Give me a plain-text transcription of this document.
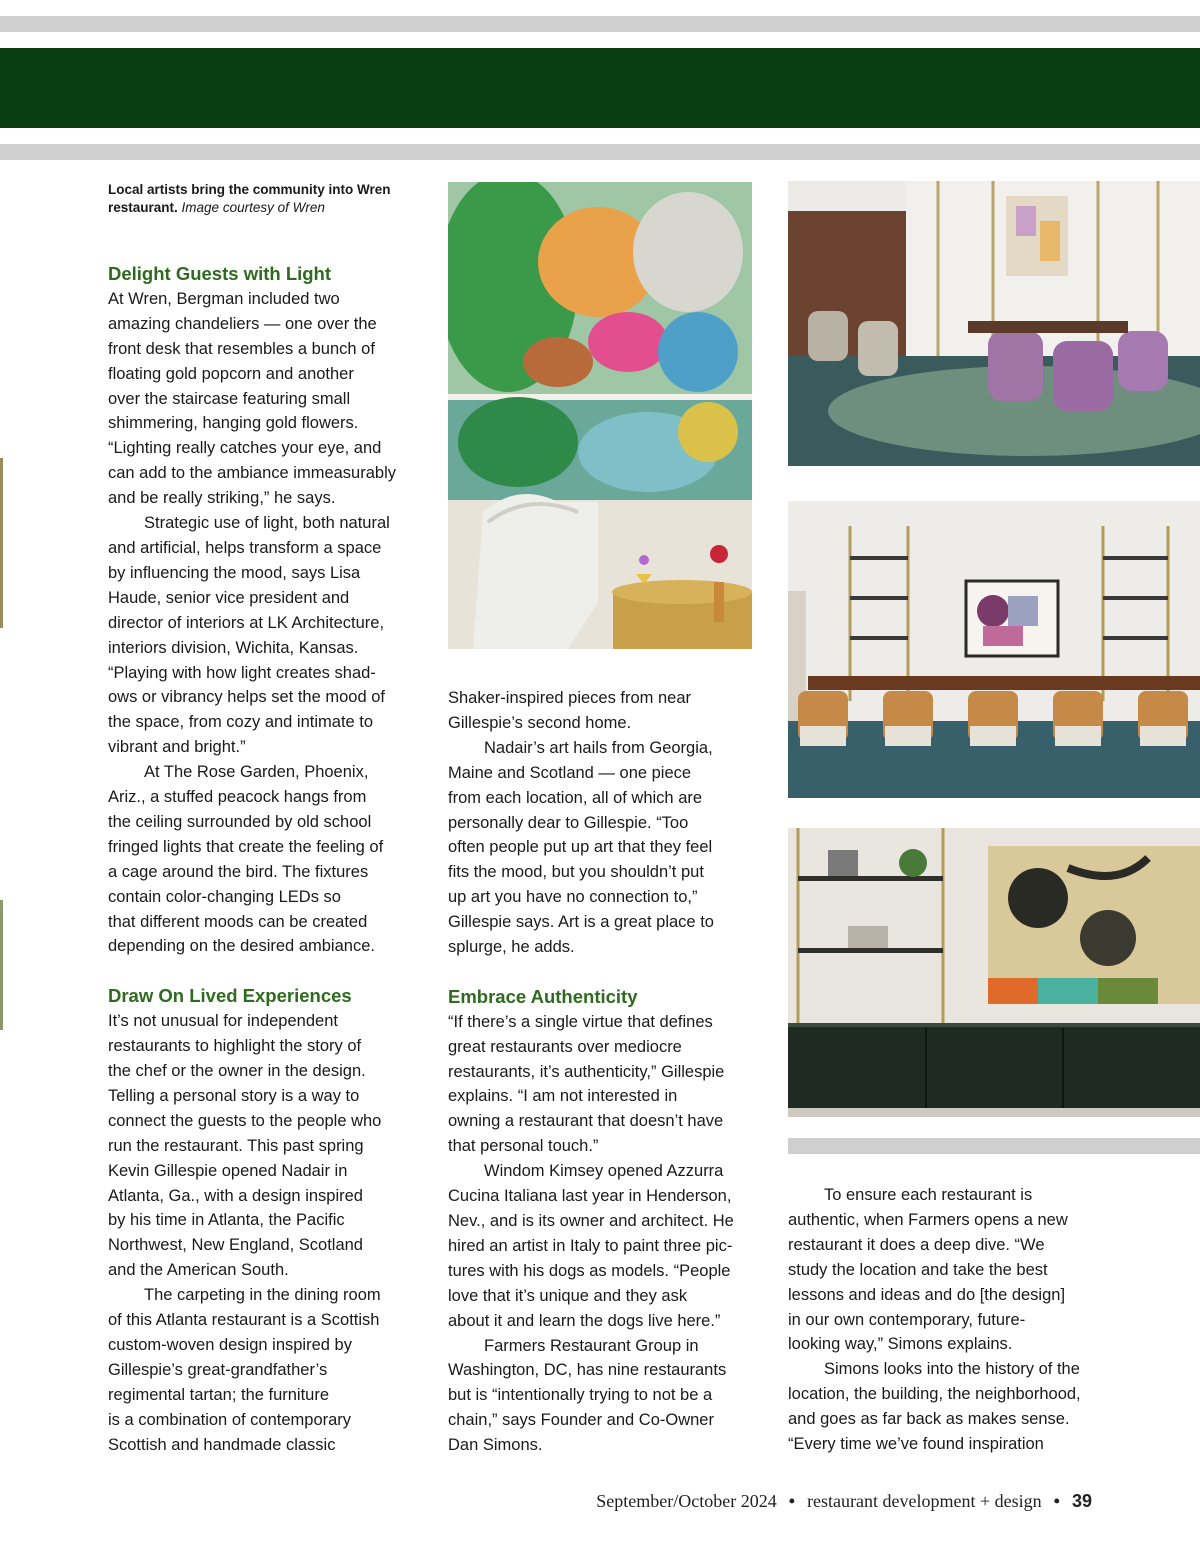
Local artists bring the community into Wren restaurant. Image courtesy of Wren
Delight Guests with Light

At Wren, Bergman included two
amazing chandeliers — one over the
front desk that resembles a bunch of
floating gold popcorn and another
over the staircase featuring small
shimmering, hanging gold flowers.
“Lighting really catches your eye, and
can add to the ambiance immeasurably
and be really striking,” he says.

Strategic use of light, both natural
and artificial, helps transform a space
by influencing the mood, says Lisa
Haude, senior vice president and
director of interiors at LK Architecture,
interiors division, Wichita, Kansas.
“Playing with how light creates shad-
ows or vibrancy helps set the mood of
the space, from cozy and intimate to
vibrant and bright.”

At The Rose Garden, Phoenix,
Ariz., a stuffed peacock hangs from
the ceiling surrounded by old school
fringed lights that create the feeling of
a cage around the bird. The fixtures
contain color-changing LEDs so
that different moods can be created
depending on the desired ambiance.

Draw On Lived Experiences

It’s not unusual for independent
restaurants to highlight the story of
the chef or the owner in the design.
Telling a personal story is a way to
connect the guests to the people who
run the restaurant. This past spring
Kevin Gillespie opened Nadair in
Atlanta, Ga., with a design inspired
by his time in Atlanta, the Pacific
Northwest, New England, Scotland
and the American South.

The carpeting in the dining room
of this Atlanta restaurant is a Scottish
custom-woven design inspired by
Gillespie’s great-grandfather’s
regimental tartan; the furniture
is a combination of contemporary
Scottish and handmade classic

Shaker-inspired pieces from near
Gillespie’s second home.

Nadair’s art hails from Georgia,
Maine and Scotland — one piece
from each location, all of which are
personally dear to Gillespie. “Too
often people put up art that they feel
fits the mood, but you shouldn’t put
up art you have no connection to,”
Gillespie says. Art is a great place to
splurge, he adds.

Embrace Authenticity

“If there’s a single virtue that defines
great restaurants over mediocre
restaurants, it’s authenticity,” Gillespie
explains. “I am not interested in
owning a restaurant that doesn’t have
that personal touch.”

Windom Kimsey opened Azzurra
Cucina Italiana last year in Henderson,
Nev., and is its owner and architect. He
hired an artist in Italy to paint three pic-
tures with his dogs as models. “People
love that it’s unique and they ask
about it and learn the dogs live here.”

Farmers Restaurant Group in
Washington, DC, has nine restaurants
but is “intentionally trying to not be a
chain,” says Founder and Co-Owner
Dan Simons.

To ensure each restaurant is
authentic, when Farmers opens a new
restaurant it does a deep dive. “We
study the location and take the best
lessons and ideas and do [the design]
in our own contemporary, future-
looking way,” Simons explains.

Simons looks into the history of the
location, the building, the neighborhood,
and goes as far back as makes sense.
“Every time we’ve found inspiration

September/October 2024 • restaurant development + design • 39
